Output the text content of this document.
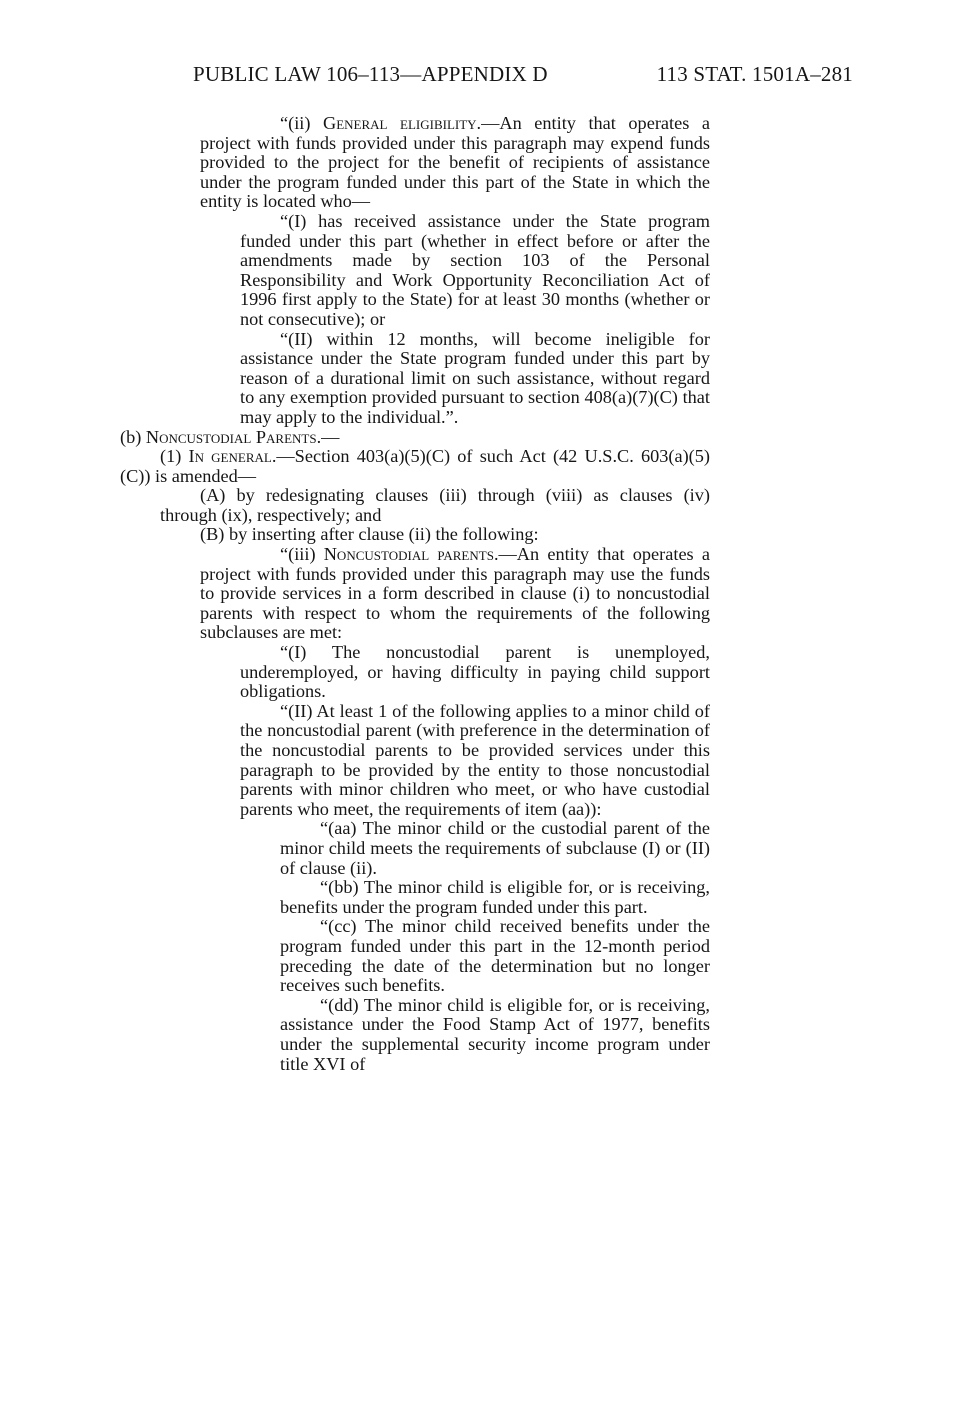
PUBLIC LAW 106–113—APPENDIX D	113 STAT. 1501A–281

“(ii) General eligibility.—An entity that operates a project with funds provided under this paragraph may expend funds provided to the project for the benefit of recipients of assistance under the program funded under this part of the State in which the entity is located who—

“(I) has received assistance under the State program funded under this part (whether in effect before or after the amendments made by section 103 of the Personal Responsibility and Work Opportunity Reconciliation Act of 1996 first apply to the State) for at least 30 months (whether or not consecutive); or

“(II) within 12 months, will become ineligible for assistance under the State program funded under this part by reason of a durational limit on such assistance, without regard to any exemption provided pursuant to section 408(a)(7)(C) that may apply to the individual.”.

(b) Noncustodial Parents.—

(1) In general.—Section 403(a)(5)(C) of such Act (42 U.S.C. 603(a)(5)(C)) is amended—

(A) by redesignating clauses (iii) through (viii) as clauses (iv) through (ix), respectively; and

(B) by inserting after clause (ii) the following:

“(iii) Noncustodial parents.—An entity that operates a project with funds provided under this paragraph may use the funds to provide services in a form described in clause (i) to noncustodial parents with respect to whom the requirements of the following subclauses are met:

“(I) The noncustodial parent is unemployed, underemployed, or having difficulty in paying child support obligations.

“(II) At least 1 of the following applies to a minor child of the noncustodial parent (with preference in the determination of the noncustodial parents to be provided services under this paragraph to be provided by the entity to those noncustodial parents with minor children who meet, or who have custodial parents who meet, the requirements of item (aa)):

“(aa) The minor child or the custodial parent of the minor child meets the requirements of subclause (I) or (II) of clause (ii).

“(bb) The minor child is eligible for, or is receiving, benefits under the program funded under this part.

“(cc) The minor child received benefits under the program funded under this part in the 12-month period preceding the date of the determination but no longer receives such benefits.

“(dd) The minor child is eligible for, or is receiving, assistance under the Food Stamp Act of 1977, benefits under the supplemental security income program under title XVI of
